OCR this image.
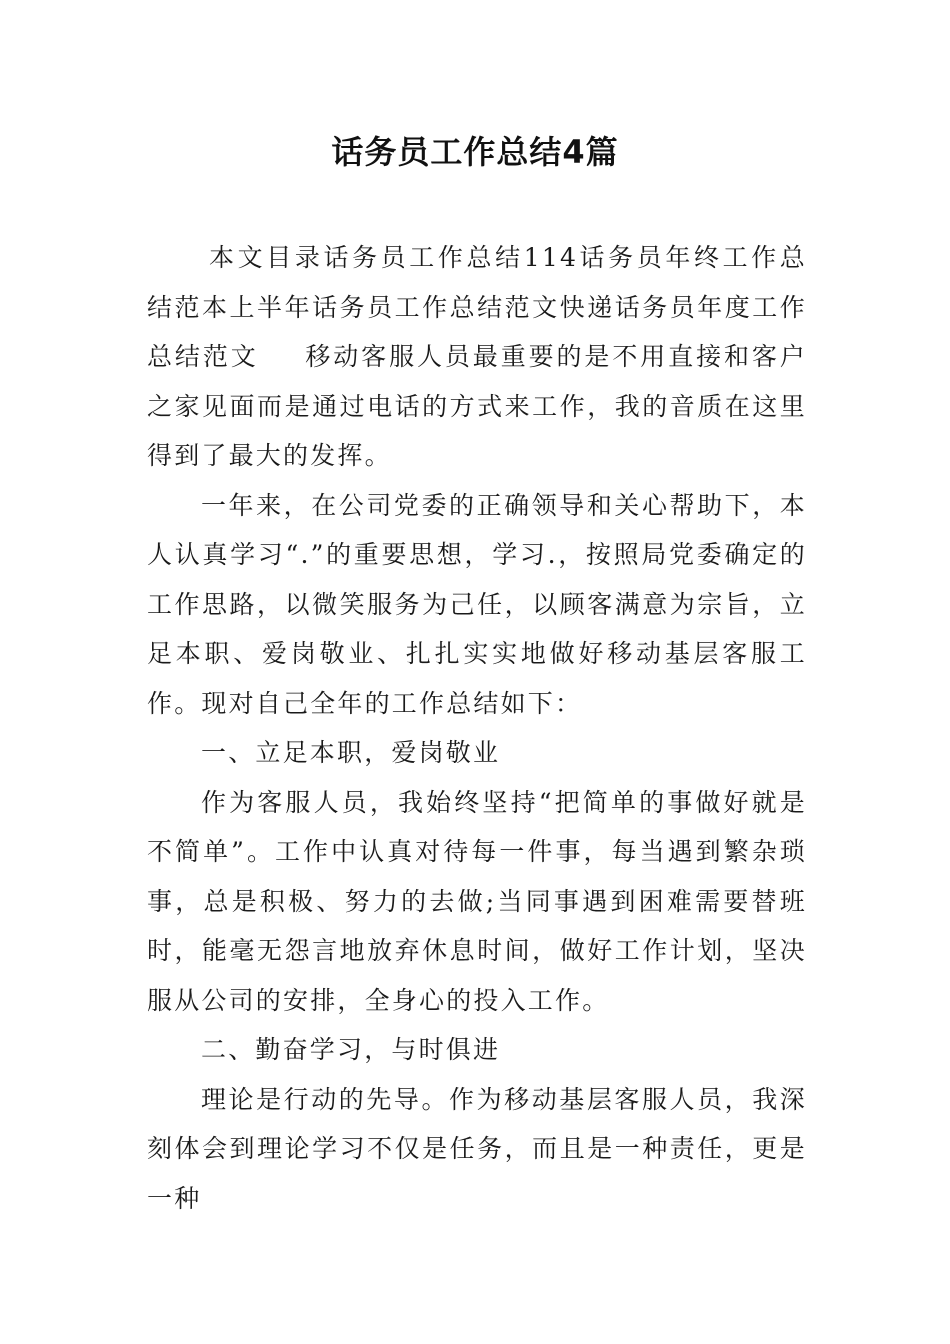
话务员工作总结4篇

本文目录话务员工作总结114话务员年终工作总结范本上半年话务员工作总结范文快递话务员年度工作总结范文 移动客服人员最重要的是不用直接和客户之家见面而是通过电话的方式来工作，我的音质在这里得到了最大的发挥。

一年来，在公司党委的正确领导和关心帮助下，本人认真学习“.”的重要思想，学习.，按照局党委确定的工作思路，以微笑服务为己任，以顾客满意为宗旨，立足本职、爱岗敬业、扎扎实实地做好移动基层客服工作。现对自己全年的工作总结如下：

一、立足本职，爱岗敬业

作为客服人员，我始终坚持“把简单的事做好就是不简单”。工作中认真对待每一件事，每当遇到繁杂琐事，总是积极、努力的去做;当同事遇到困难需要替班时，能毫无怨言地放弃休息时间，做好工作计划，坚决服从公司的安排，全身心的投入工作。

二、勤奋学习，与时俱进

理论是行动的先导。作为移动基层客服人员，我深刻体会到理论学习不仅是任务，而且是一种责任，更是一种
